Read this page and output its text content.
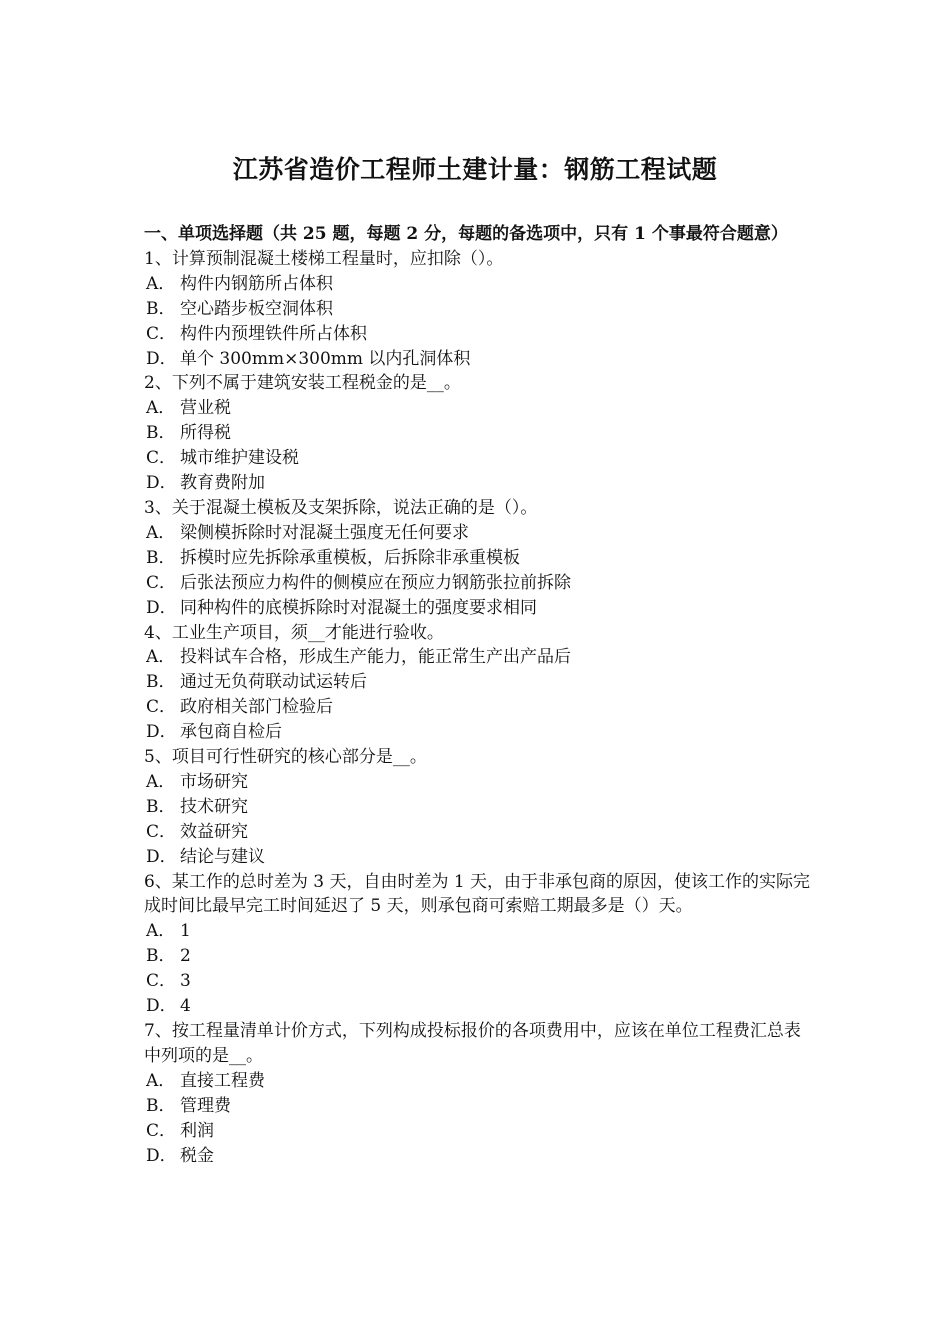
江苏省造价工程师土建计量：钢筋工程试题

一、单项选择题（共 25 题，每题 2 分，每题的备选项中，只有 1 个事最符合题意）

1、计算预制混凝土楼梯工程量时，应扣除（）。

A． 构件内钢筋所占体积
B． 空心踏步板空洞体积
C． 构件内预埋铁件所占体积
D． 单个 300mm×300mm 以内孔洞体积

2、下列不属于建筑安装工程税金的是__。

A． 营业税
B． 所得税
C． 城市维护建设税
D． 教育费附加

3、关于混凝土模板及支架拆除，说法正确的是（）。

A． 梁侧模拆除时对混凝土强度无任何要求
B． 拆模时应先拆除承重模板，后拆除非承重模板
C． 后张法预应力构件的侧模应在预应力钢筋张拉前拆除
D． 同种构件的底模拆除时对混凝土的强度要求相同

4、工业生产项目，须__才能进行验收。

A． 投料试车合格，形成生产能力，能正常生产出产品后
B． 通过无负荷联动试运转后
C． 政府相关部门检验后
D． 承包商自检后

5、项目可行性研究的核心部分是__。

A． 市场研究
B． 技术研究
C． 效益研究
D． 结论与建议

6、某工作的总时差为 3 天，自由时差为 1 天，由于非承包商的原因，使该工作的实际完成时间比最早完工时间延迟了 5 天，则承包商可索赔工期最多是（）天。

A． 1
B． 2
C． 3
D． 4

7、按工程量清单计价方式，下列构成投标报价的各项费用中，应该在单位工程费汇总表中列项的是__。

A． 直接工程费
B． 管理费
C． 利润
D． 税金
